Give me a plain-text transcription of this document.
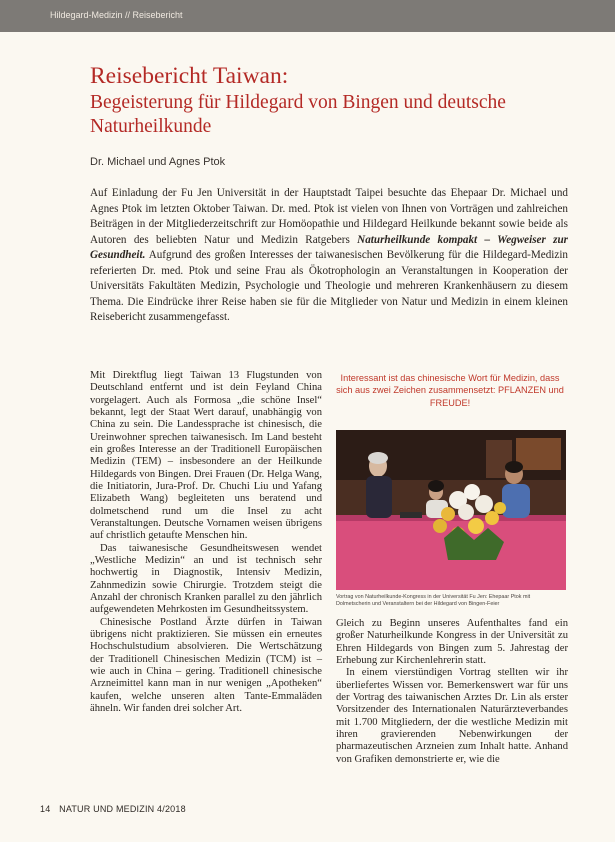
Hildegard-Medizin // Reisebericht
Reisebericht Taiwan:
Begeisterung für Hildegard von Bingen und deutsche Naturheilkunde
Dr. Michael und Agnes Ptok

Auf Einladung der Fu Jen Universität in der Hauptstadt Taipei besuchte das Ehepaar Dr. Michael und Agnes Ptok im letzten Oktober Taiwan. Dr. med. Ptok ist vielen von Ihnen von Vorträgen und zahlreichen Beiträgen in der Mitgliederzeitschrift zur Homöopathie und Hildegard Heilkunde bekannt sowie beide als Autoren des beliebten Natur und Medizin Ratgebers Naturheilkunde kompakt – Wegweiser zur Gesundheit. Aufgrund des großen Interesses der taiwanesischen Bevölkerung für die Hildegard-Medizin referierten Dr. med. Ptok und seine Frau als Ökotrophologin an Veranstaltungen in Kooperation der Universitäts Fakultäten Medizin, Psychologie und Theologie und mehreren Krankenhäusern zu diesem Thema. Die Eindrücke ihrer Reise haben sie für die Mitglieder von Natur und Medizin in einem kleinen Reisebericht zusammengefasst.

Mit Direktflug liegt Taiwan 13 Flugstunden von Deutschland entfernt und ist dein Feyland China vorgelagert. Auch als Formosa „die schöne Insel“ bekannt, legt der Staat Wert darauf, unabhängig von China zu sein. Die Landessprache ist chinesisch, die Ureinwohner sprechen taiwanesisch. Im Land besteht ein großes Interesse an der Traditionell Europäischen Medizin (TEM) – insbesondere an der Heilkunde Hildegards von Bingen. Drei Frauen (Dr. Helga Wang, die Initiatorin, Jura-Prof. Dr. Chuchi Liu und Yafang Elizabeth Wang) begleiteten uns beratend und dolmetschend rund um die Insel zu acht Veranstaltungen. Deutsche Vornamen weisen übrigens auf christlich getaufte Menschen hin.

Das taiwanesische Gesundheitswesen wendet „Westliche Medizin“ an und ist technisch sehr hochwertig in Diagnostik, Intensiv Medizin, Zahnmedizin sowie Chirurgie. Trotzdem steigt die Anzahl der chronisch Kranken parallel zu den jährlich aufgewendeten Mehrkosten im Gesundheitssystem.

Chinesische Postland Ärzte dürfen in Taiwan übrigens nicht praktizieren. Sie müssen ein erneutes Hochschulstudium absolvieren. Die Wertschätzung der Traditionell Chinesischen Medizin (TCM) ist – wie auch in China – gering. Traditionell chinesische Arzneimittel kann man in nur wenigen „Apotheken“ kaufen, welche unseren alten Tante-Emmaläden ähneln. Wir fanden drei solcher Art.

Interessant ist das chinesische Wort für Medizin, dass sich aus zwei Zeichen zusammensetzt: PFLANZEN und FREUDE!
Vortrag von Naturheilkunde-Kongress in der Universität Fu Jen: Ehepaar Ptok mit Dolmetscherin und Veranstaltern bei der Hildegard von Bingen-Feier

Gleich zu Beginn unseres Aufenthaltes fand ein großer Naturheilkunde Kongress in der Universität zu Ehren Hildegards von Bingen zum 5. Jahrestag der Erhebung zur Kirchenlehrerin statt.

In einem vierstündigen Vortrag stellten wir ihr überliefertes Wissen vor. Bemerkenswert war für uns der Vortrag des taiwanischen Arztes Dr. Lin als erster Vorsitzender des Internationalen Naturärzteverbandes mit 1.700 Mitgliedern, der die westliche Medizin mit ihren gravierenden Nebenwirkungen der pharmazeutischen Arzneien zum Inhalt hatte. Anhand von Grafiken demonstrierte er, wie die

14 NATUR UND MEDIZIN 4/2018
